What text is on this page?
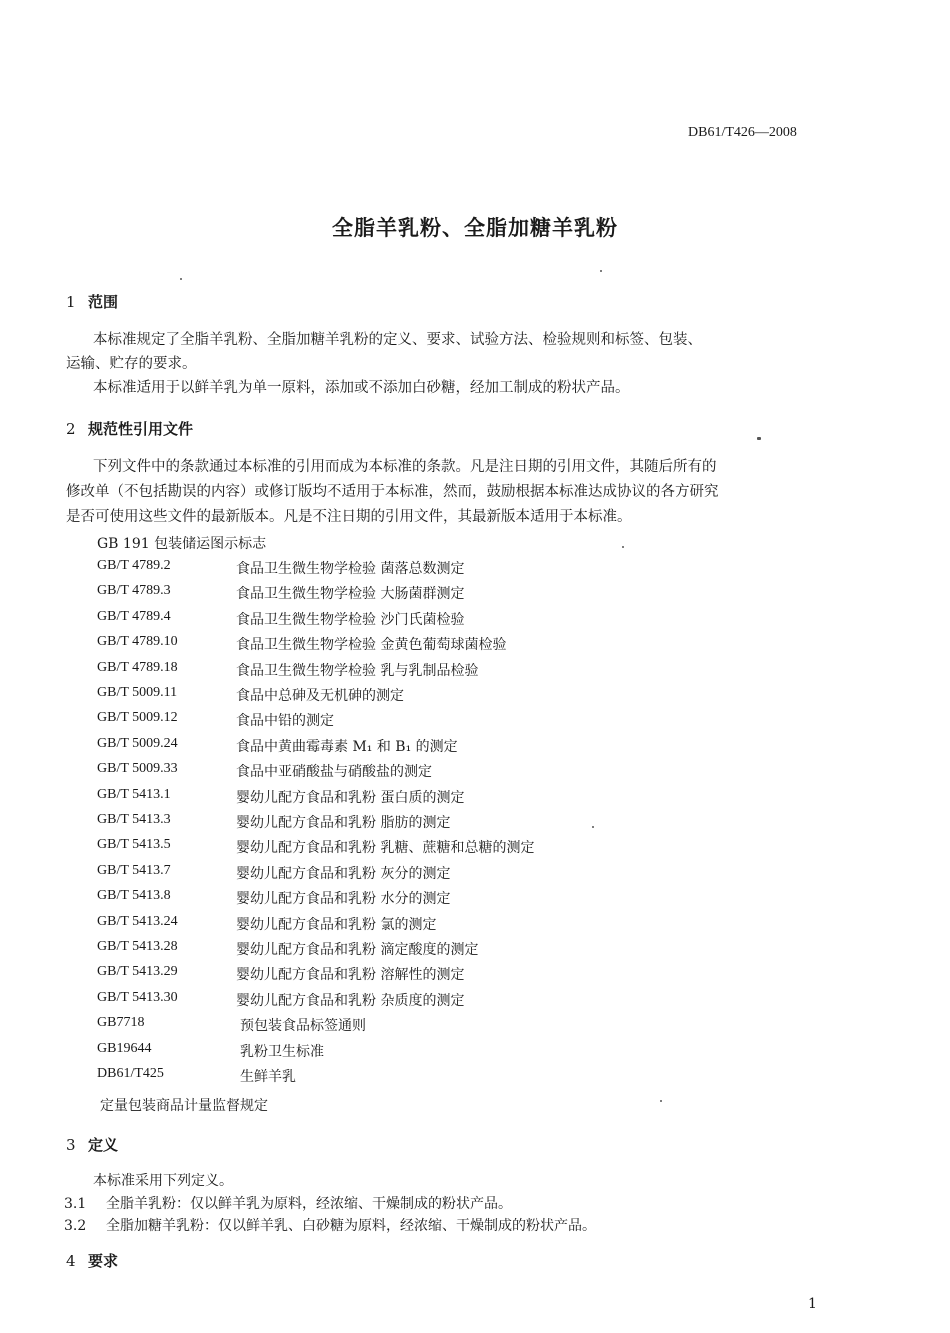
DB61/T426—2008
全脂羊乳粉、全脂加糖羊乳粉
1 范围
本标准规定了全脂羊乳粉、全脂加糖羊乳粉的定义、要求、试验方法、检验规则和标签、包装、
运输、贮存的要求。
本标准适用于以鲜羊乳为单一原料，添加或不添加白砂糖，经加工制成的粉状产品。
2 规范性引用文件
下列文件中的条款通过本标准的引用而成为本标准的条款。凡是注日期的引用文件，其随后所有的
修改单（不包括勘误的内容）或修订版均不适用于本标准，然而，鼓励根据本标准达成协议的各方研究
是否可使用这些文件的最新版本。凡是不注日期的引用文件，其最新版本适用于本标准。
GB 191 包装储运图示标志
GB/T 4789.2	食品卫生微生物学检验 菌落总数测定
GB/T 4789.3	食品卫生微生物学检验 大肠菌群测定
GB/T 4789.4	食品卫生微生物学检验 沙门氏菌检验
GB/T 4789.10	食品卫生微生物学检验 金黄色葡萄球菌检验
GB/T 4789.18	食品卫生微生物学检验 乳与乳制品检验
GB/T 5009.11	食品中总砷及无机砷的测定
GB/T 5009.12	食品中铅的测定
GB/T 5009.24	食品中黄曲霉毒素 M₁ 和 B₁ 的测定
GB/T 5009.33	食品中亚硝酸盐与硝酸盐的测定
GB/T 5413.1	婴幼儿配方食品和乳粉 蛋白质的测定
GB/T 5413.3	婴幼儿配方食品和乳粉 脂肪的测定
GB/T 5413.5	婴幼儿配方食品和乳粉 乳糖、蔗糖和总糖的测定
GB/T 5413.7	婴幼儿配方食品和乳粉 灰分的测定
GB/T 5413.8	婴幼儿配方食品和乳粉 水分的测定
GB/T 5413.24	婴幼儿配方食品和乳粉 氯的测定
GB/T 5413.28	婴幼儿配方食品和乳粉 滴定酸度的测定
GB/T 5413.29	婴幼儿配方食品和乳粉 溶解性的测定
GB/T 5413.30	婴幼儿配方食品和乳粉 杂质度的测定
GB7718	预包装食品标签通则
GB19644	乳粉卫生标准
DB61/T425	生鲜羊乳
定量包装商品计量监督规定
3 定义
本标准采用下列定义。
3.1 全脂羊乳粉：仅以鲜羊乳为原料，经浓缩、干燥制成的粉状产品。
3.2 全脂加糖羊乳粉：仅以鲜羊乳、白砂糖为原料，经浓缩、干燥制成的粉状产品。
4 要求
1
